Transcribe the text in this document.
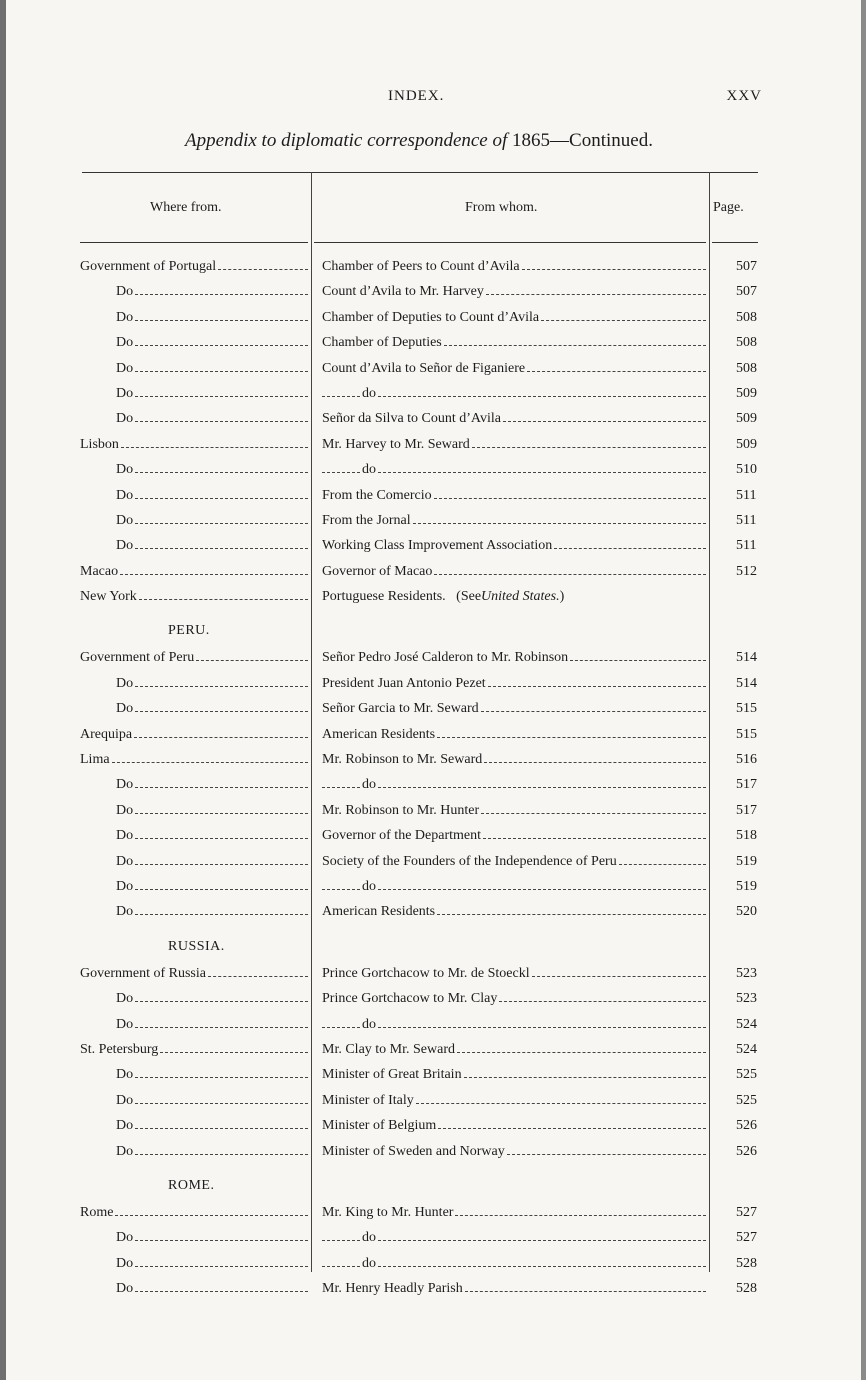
INDEX.	XXV
Appendix to diplomatic correspondence of 1865—Continued.
Where from.	From whom.	Page.
Government of Portugal	Chamber of Peers to Count d’Avila	507
Do	Count d’Avila to Mr. Harvey	507
Do	Chamber of Deputies to Count d’Avila	508
Do	Chamber of Deputies	508
Do	Count d’Avila to Señor de Figaniere	508
Do	do	509
Do	Señor da Silva to Count d’Avila	509
Lisbon	Mr. Harvey to Mr. Seward	509
Do	do	510
Do	From the Comercio	511
Do	From the Jornal	511
Do	Working Class Improvement Association	511
Macao	Governor of Macao	512
New York	Portuguese Residents.
(See United States. )
PERU.
Government of Peru	Señor Pedro José Calderon to Mr. Robinson	514
Do	President Juan Antonio Pezet	514
Do	Señor Garcia to Mr. Seward	515
Arequipa	American Residents	515
Lima	Mr. Robinson to Mr. Seward	516
Do	do	517
Do	Mr. Robinson to Mr. Hunter	517
Do	Governor of the Department	518
Do	Society of the Founders of the Independence of Peru	519
Do	do	519
Do	American Residents	520
RUSSIA.
Government of Russia	Prince Gortchacow to Mr. de Stoeckl	523
Do	Prince Gortchacow to Mr. Clay	523
Do	do	524
St. Petersburg	Mr. Clay to Mr. Seward	524
Do	Minister of Great Britain	525
Do	Minister of Italy	525
Do	Minister of Belgium	526
Do	Minister of Sweden and Norway	526
ROME.
Rome	Mr. King to Mr. Hunter	527
Do	do	527
Do	do	528
Do	Mr. Henry Headly Parish	528
